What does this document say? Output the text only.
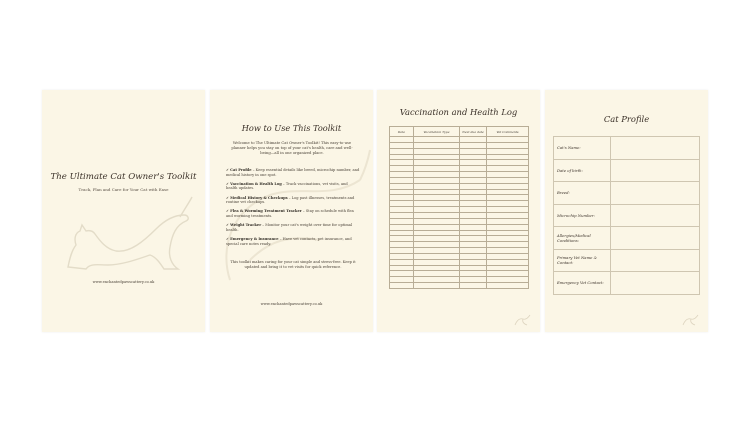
The Ultimate Cat Owner's Toolkit
Track, Plan and Care for Your Cat with Ease
www.enchantedpawscattery.co.uk
How to Use This Toolkit
Welcome to The Ultimate Cat Owner's Toolkit! This easy-to-use planner helps you stay on top of your cat's health, care and well-being—all in one organized place.
✓ Cat Profile – Keep essential details like breed, microchip number, and medical history in one spot.
✓ Vaccination & Health Log – Track vaccinations, vet visits, and health updates.
✓ Medical History & Checkups – Log past illnesses, treatments and routine vet checkups.
✓ Flea & Worming Treatment Tracker – Stay on schedule with flea and worming treatments.
✓ Weight Tracker – Monitor your cat's weight over time for optimal health.
✓ Emergency & Insurance – Have vet contacts, pet insurance, and special care notes ready.
This toolkit makes caring for your cat simple and stress-free. Keep it updated and bring it to vet visits for quick reference.
www.enchantedpawscattery.co.uk
Vaccination and Health Log
Date	Vaccination Type	Next due date	Vet Comments

Cat Profile
Cat's Name:	
Date of birth:	
Breed:	
Microchip Number:	
Allergies/Medical Conditions:	
Primary Vet Name & Contact:	
Emergency Vet Contact:	
